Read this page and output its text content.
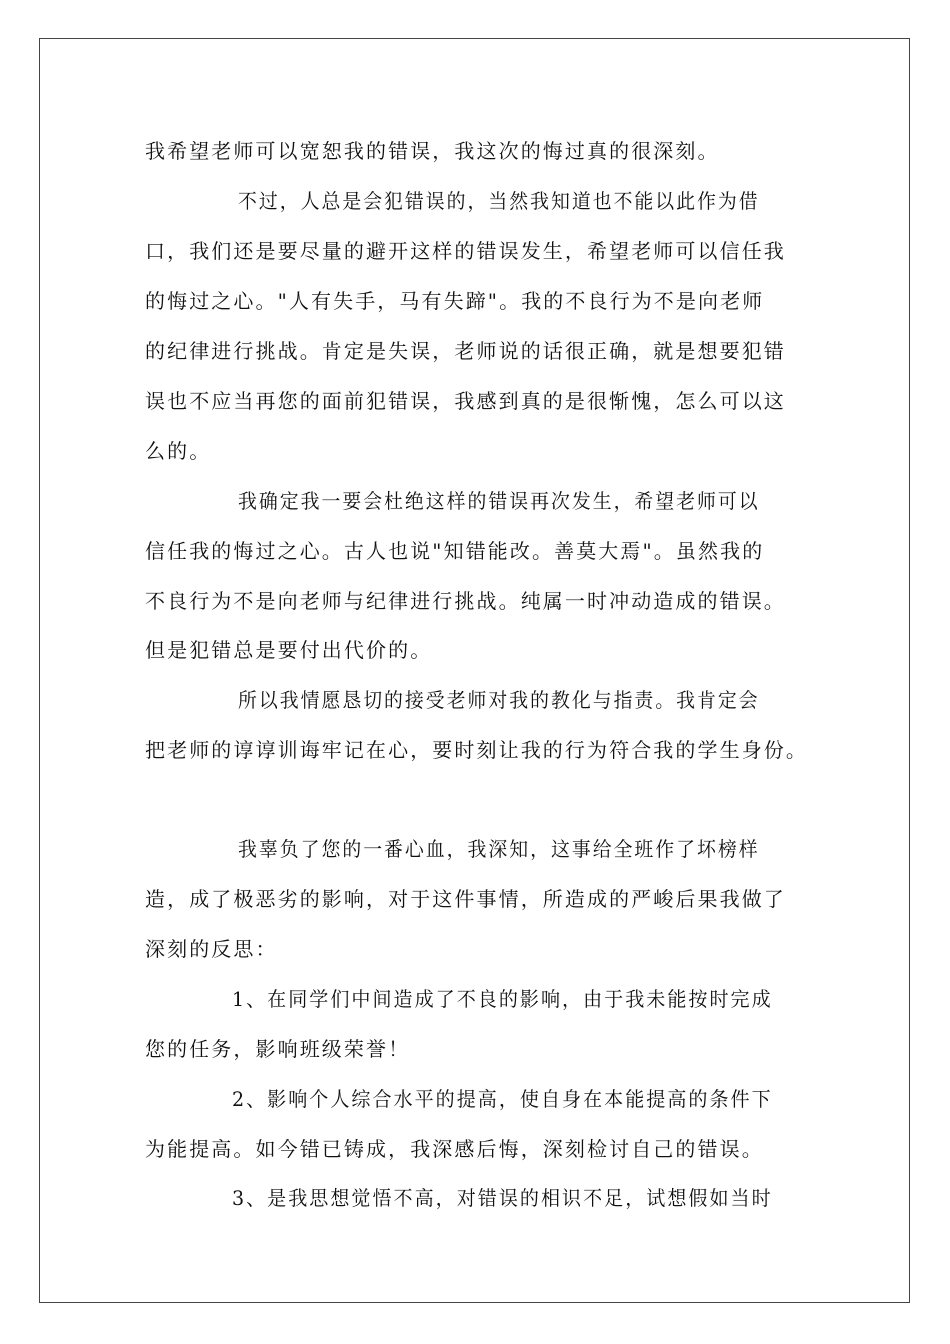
我希望老师可以宽恕我的错误，我这次的悔过真的很深刻。

不过，人总是会犯错误的，当然我知道也不能以此作为借

口，我们还是要尽量的避开这样的错误发生，希望老师可以信任我

的悔过之心。"人有失手，马有失蹄"。我的不良行为不是向老师

的纪律进行挑战。肯定是失误，老师说的话很正确，就是想要犯错

误也不应当再您的面前犯错误，我感到真的是很惭愧，怎么可以这

么的。

我确定我一要会杜绝这样的错误再次发生，希望老师可以

信任我的悔过之心。古人也说"知错能改。善莫大焉"。虽然我的

不良行为不是向老师与纪律进行挑战。纯属一时冲动造成的错误。

但是犯错总是要付出代价的。

所以我情愿恳切的接受老师对我的教化与指责。我肯定会

把老师的谆谆训诲牢记在心，要时刻让我的行为符合我的学生身份。

我辜负了您的一番心血，我深知，这事给全班作了坏榜样

造，成了极恶劣的影响，对于这件事情，所造成的严峻后果我做了

深刻的反思：

1、在同学们中间造成了不良的影响，由于我未能按时完成

您的任务，影响班级荣誉！

2、影响个人综合水平的提高，使自身在本能提高的条件下

为能提高。如今错已铸成，我深感后悔，深刻检讨自己的错误。

3、是我思想觉悟不高，对错误的相识不足，试想假如当时
